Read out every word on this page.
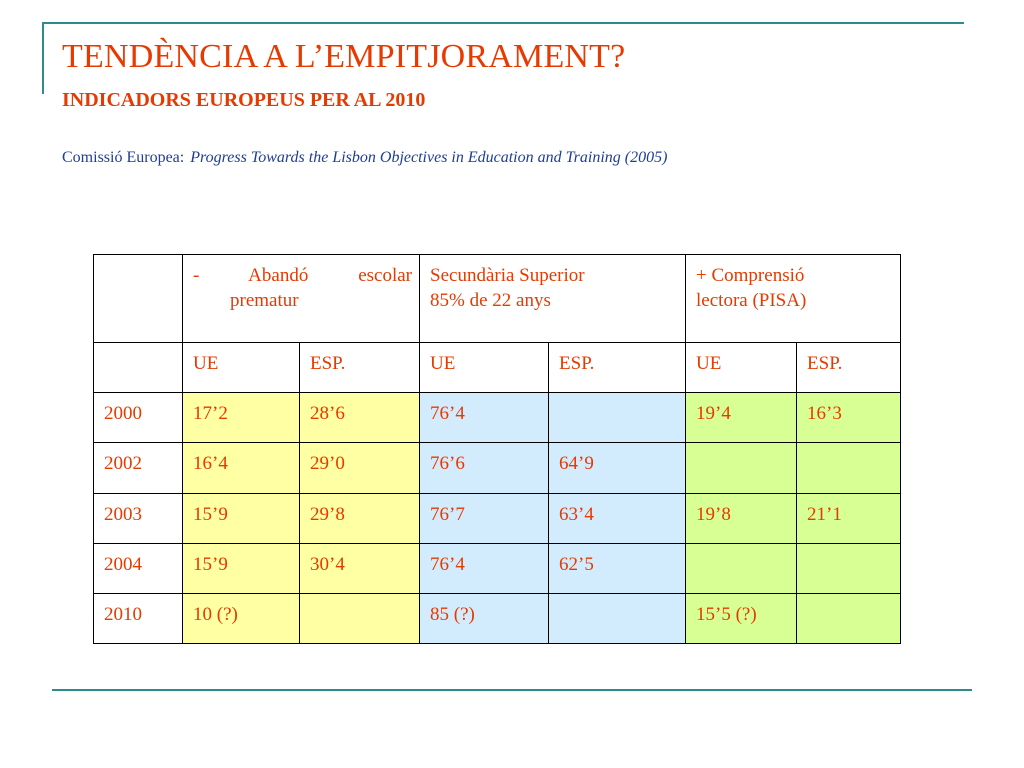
TENDÈNCIA A L’EMPITJORAMENT?
INDICADORS EUROPEUS PER AL 2010
Comissió Europea: Progress Towards the Lisbon Objectives in Education and Training (2005)

	- Abandó escolar
prematur		Secundària Superior
85% de 22 anys		+ Comprensió
lectora (PISA)	

	UE	ESP.	UE	ESP.	UE	ESP.
2000	17’2	28’6	76’4		19’4	16’3
2002	16’4	29’0	76’6	64’9		
2003	15’9	29’8	76’7	63’4	19’8	21’1
2004	15’9	30’4	76’4	62’5		
2010	10 (?)		85 (?)		15’5 (?)	
